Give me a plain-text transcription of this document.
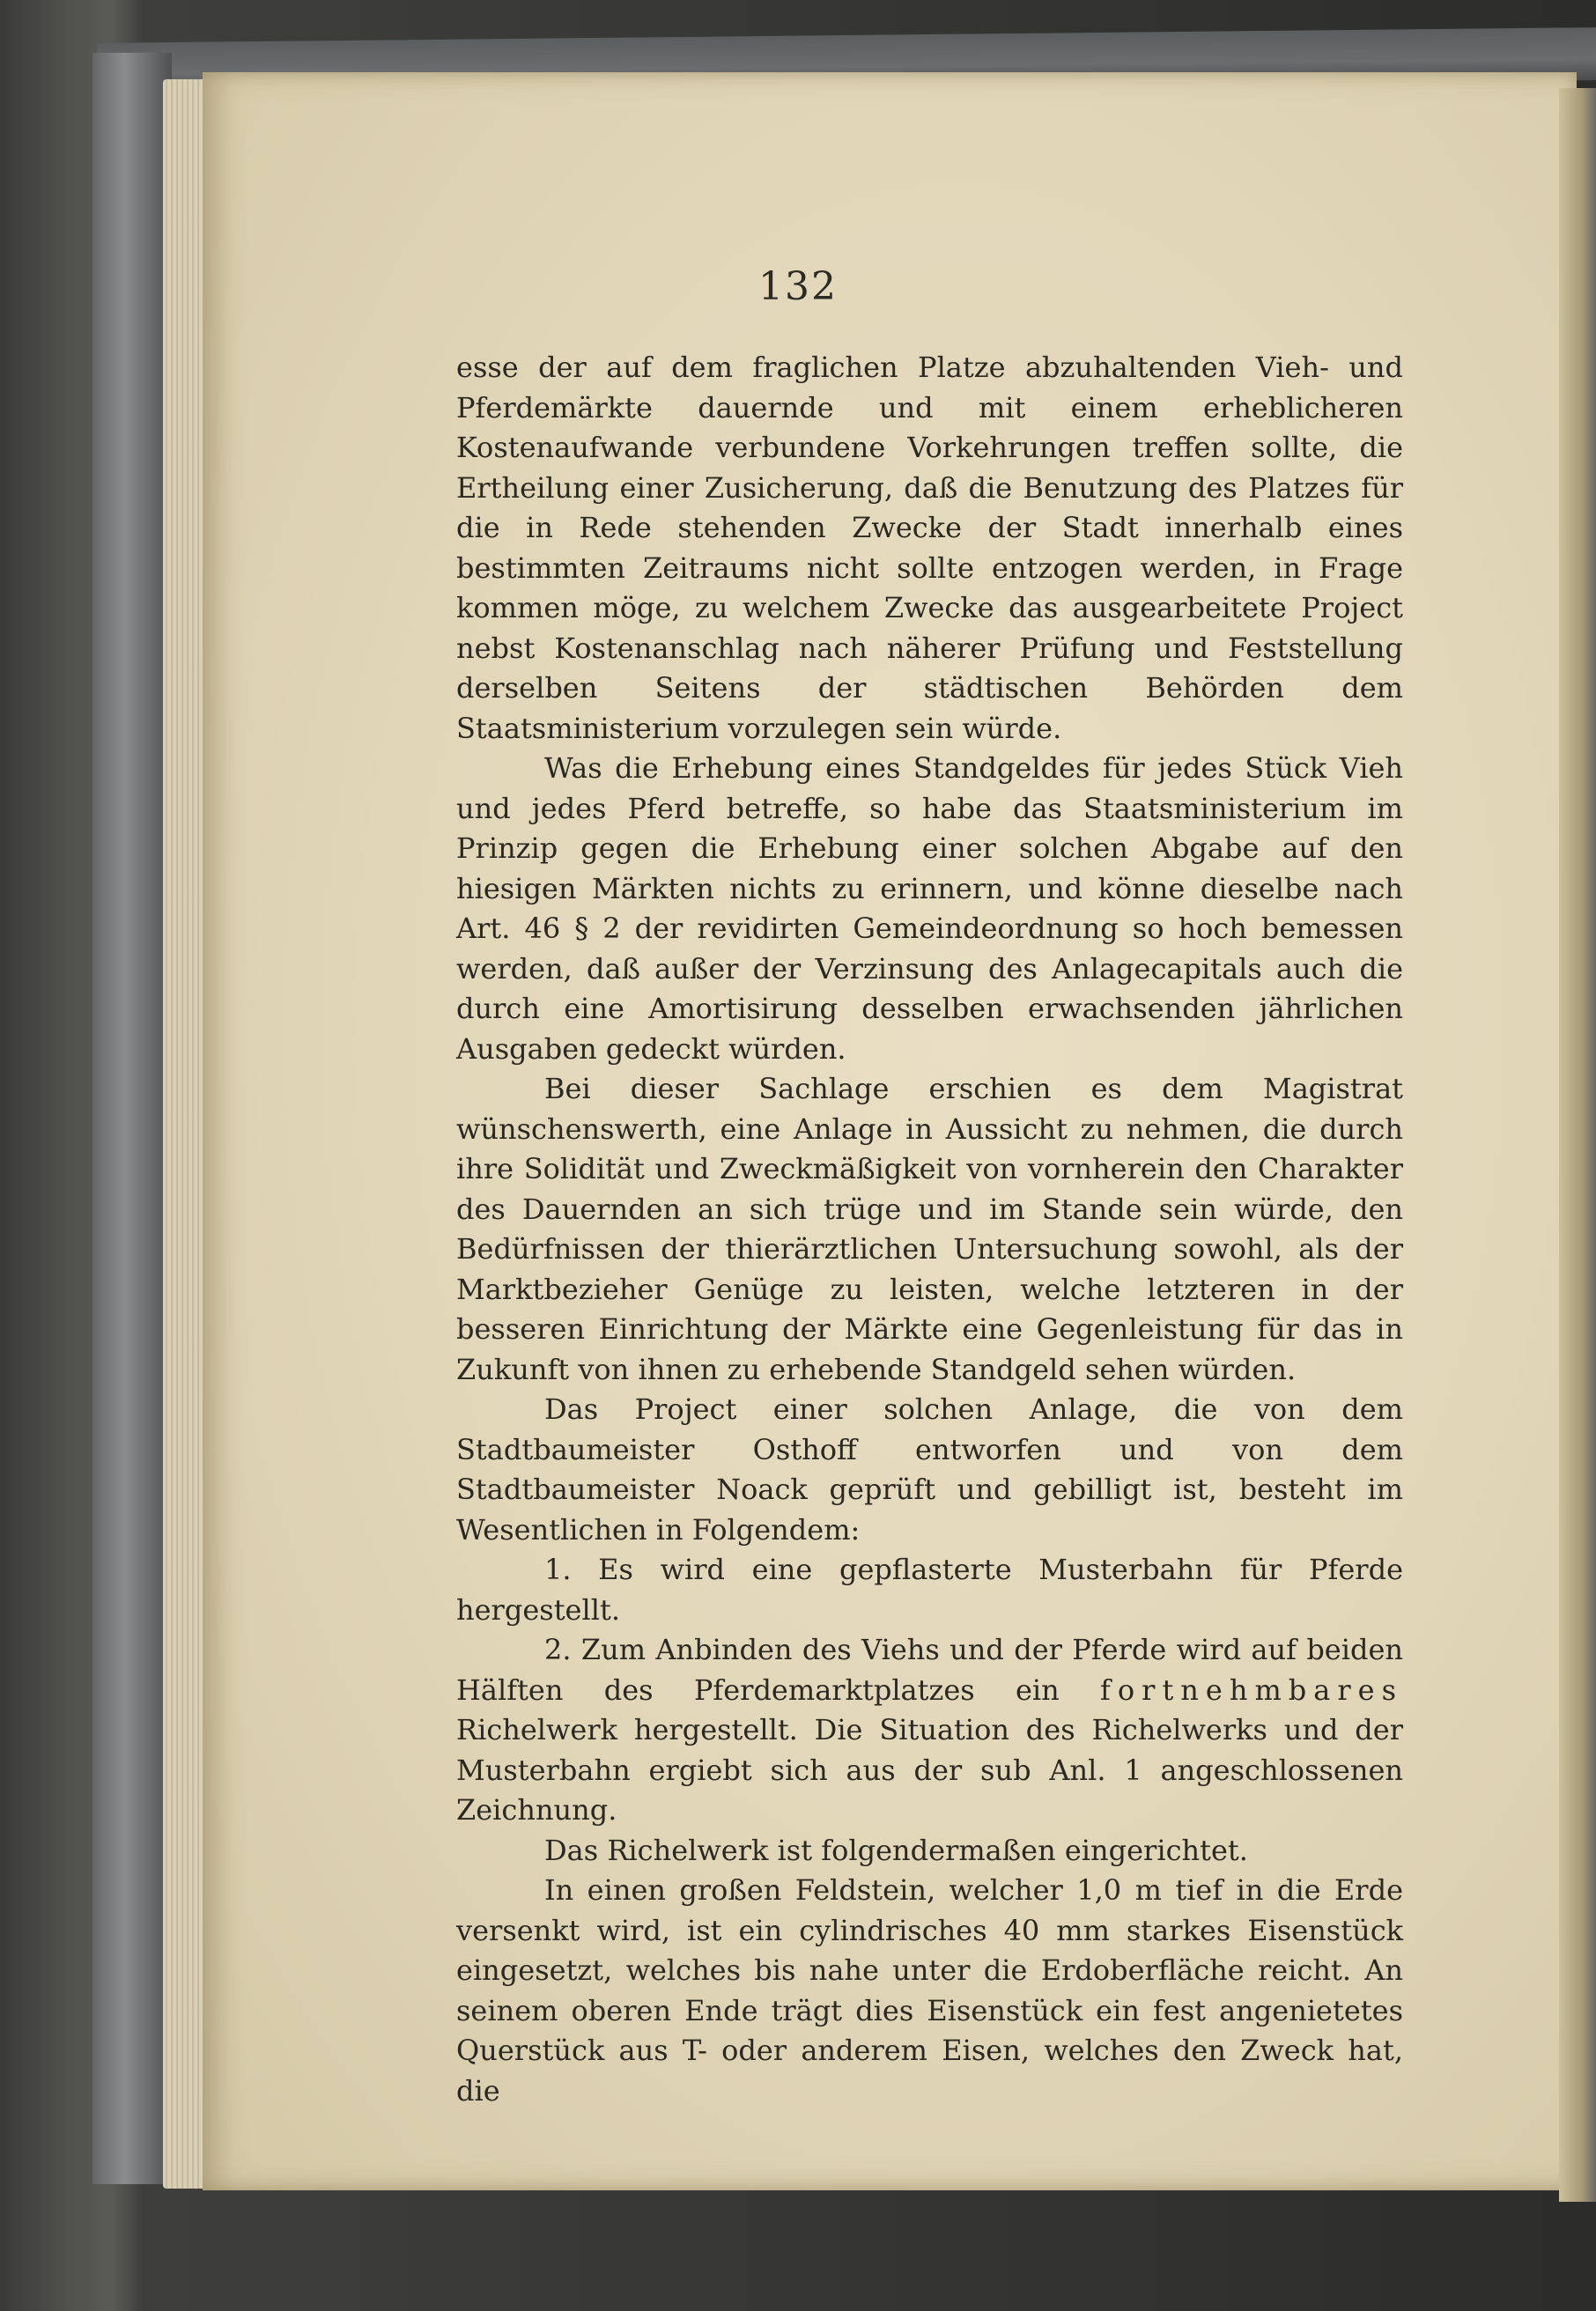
132

esse der auf dem fraglichen Platze abzuhaltenden Vieh- und Pferdemärkte dauernde und mit einem erheblicheren Kostenaufwande verbundene Vorkehrungen treffen sollte, die Ertheilung einer Zusicherung, daß die Benutzung des Platzes für die in Rede stehenden Zwecke der Stadt innerhalb eines bestimmten Zeitraums nicht sollte entzogen werden, in Frage kommen möge, zu welchem Zwecke das ausgearbeitete Project nebst Kostenanschlag nach näherer Prüfung und Feststellung derselben Seitens der städtischen Behörden dem Staatsministerium vorzulegen sein würde.

Was die Erhebung eines Standgeldes für jedes Stück Vieh und jedes Pferd betreffe, so habe das Staatsministerium im Prinzip gegen die Erhebung einer solchen Abgabe auf den hiesigen Märkten nichts zu erinnern, und könne dieselbe nach Art. 46 § 2 der revidirten Gemeindeordnung so hoch bemessen werden, daß außer der Verzinsung des Anlagecapitals auch die durch eine Amortisirung desselben erwachsenden jährlichen Ausgaben gedeckt würden.

Bei dieser Sachlage erschien es dem Magistrat wünschenswerth, eine Anlage in Aussicht zu nehmen, die durch ihre Solidität und Zweckmäßigkeit von vornherein den Charakter des Dauernden an sich trüge und im Stande sein würde, den Bedürfnissen der thierärztlichen Untersuchung sowohl, als der Marktbezieher Genüge zu leisten, welche letzteren in der besseren Einrichtung der Märkte eine Gegenleistung für das in Zukunft von ihnen zu erhebende Standgeld sehen würden.

Das Project einer solchen Anlage, die von dem Stadtbaumeister Osthoff entworfen und von dem Stadtbaumeister Noack geprüft und gebilligt ist, besteht im Wesentlichen in Folgendem:

1. Es wird eine gepflasterte Musterbahn für Pferde hergestellt.

2. Zum Anbinden des Viehs und der Pferde wird auf beiden Hälften des Pferdemarktplatzes ein fortnehmbares Richelwerk hergestellt. Die Situation des Richelwerks und der Musterbahn ergiebt sich aus der sub Anl. 1 angeschlossenen Zeichnung.

Das Richelwerk ist folgendermaßen eingerichtet.

In einen großen Feldstein, welcher 1,0 m tief in die Erde versenkt wird, ist ein cylindrisches 40 mm starkes Eisenstück eingesetzt, welches bis nahe unter die Erdoberfläche reicht. An seinem oberen Ende trägt dies Eisenstück ein fest angenietetes Querstück aus T- oder anderem Eisen, welches den Zweck hat, die
